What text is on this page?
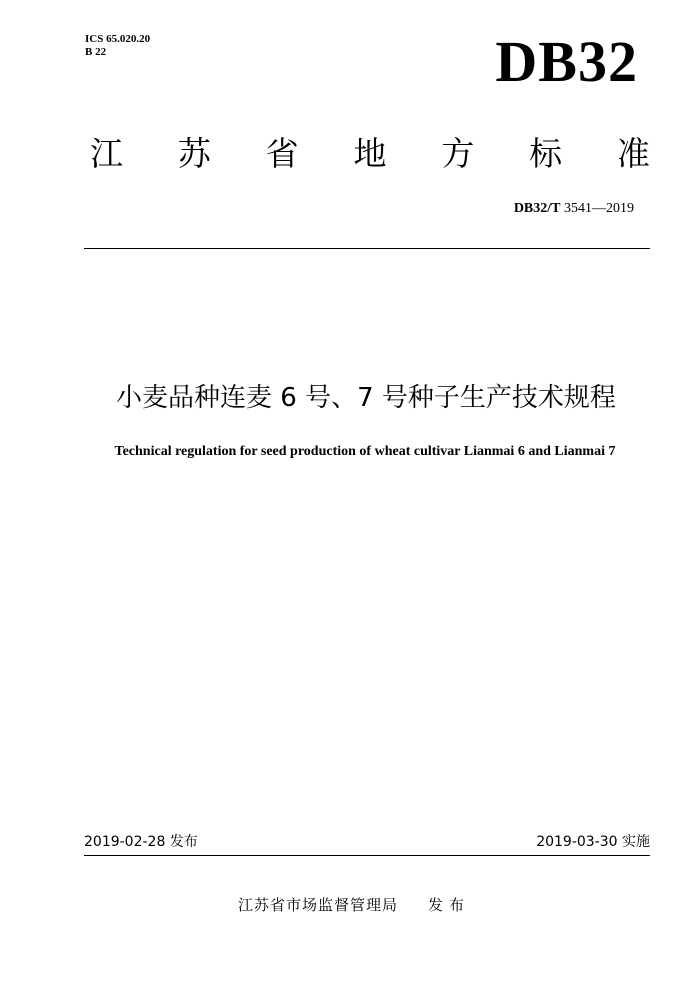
ICS 65.020.20
B 22	DB32
江 苏 省 地 方 标 准
DB32/T 3541—2019
小麦品种连麦 6 号、7 号种子生产技术规程
Technical regulation for seed production of wheat cultivar Lianmai 6 and Lianmai 7
2019-02-28 发布	2019-03-30 实施
江苏省市场监督管理局 发布
